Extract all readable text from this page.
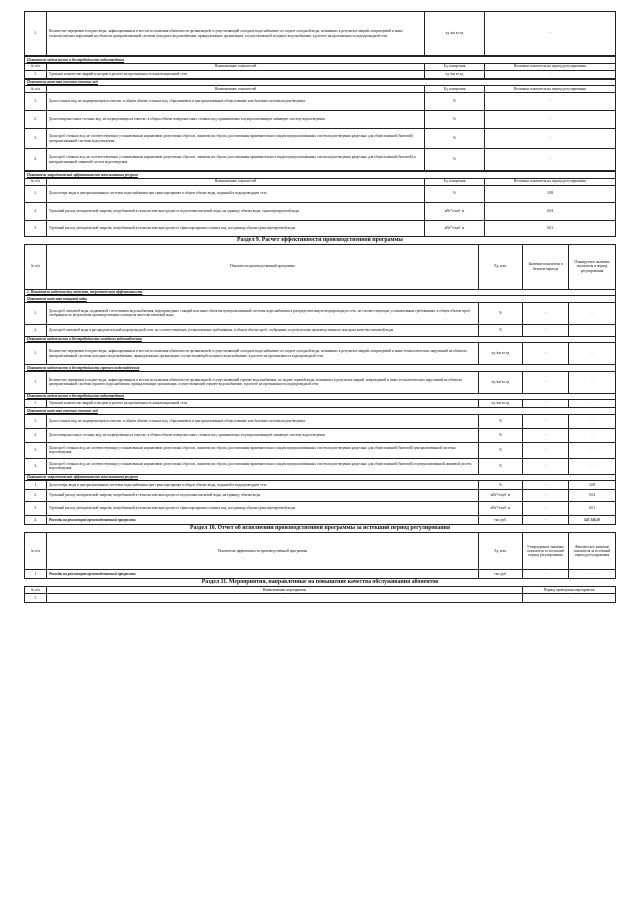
1.	Количество перерывов в подаче воды, зафиксированных в местах исполнения обязательств организацией, осуществляющей холодное водоснабжение, по подаче холодной воды, возникших в результате аварий, повреждений и иных технологических нарушений на объектах централизованной системы холодного водоснабжения, принадлежащих организации, осуществляющей холодное водоснабжение, в расчете на протяженность водопроводной сети	ед./км в год	-
Показатели надежности и бесперебойности водоотведения			
№ п/п	Наименование показателей	Ед. измерения	Величина показателя на период регулирования
1.	Удельное количество аварий и засоров в расчете на протяженность канализационной сети	ед./км в год	-
Показатели качества очистки сточных вод			
№ п/п	Наименование показателей	Ед. измерения	Величина показателя на период регулирования
1.	Доля сточных вод, не подвергающихся очистке, в общем объеме сточных вод, сбрасываемых в централизованные общесплавные или бытовые системы водоотведения	%	-
2.	Доля поверхностных сточных вод, не подвергающихся очистке, в общем объеме поверхностных сточных вод, принимаемых в централизованную ливневую систему водоотведения	%	-
3.	Доля проб сточных вод, не соответствующих установленным нормативам допустимых сбросов, лимитам на сбросы, рассчитанная применительно к видам централизованных систем водоотведения раздельно для общесплавной (бытовой) централизованной системы водоотведения	%	-
4.	Доля проб сточных вод, не соответствующих установленным нормативам допустимых сбросов, лимитам на сбросы, рассчитанная применительно к видам централизованных систем водоотведения раздельно для общесплавной (бытовой) и централизованной ливневой систем водоотведения	%	-
Показатели энергетической эффективности использования ресурсов			
№ п/п	Наименование показателей	Ед. измерения	Величина показателя на период регулирования
1.	Доля потерь воды в централизованных системах водоснабжения при транспортировке в общем объеме воды, поданной в водопроводную сеть	%	3,08
2.	Удельный расход электрической энергии, потребляемой в технологическом процессе подготовки питьевой воды, на единицу объема воды, транспортируемой воды	кВт*ч/куб. м	0,04
3.	Удельный расход электрической энергии, потребляемой в технологическом процессе транспортировки сточных вод, на единицу объема транспортируемой воды	кВт*ч/куб. м	0,01
Раздел 9. Расчет эффективности производственной программы
№ п/п	Показатели производственной программы	Ед. изм.	Значение показателя в базовом периоде	Планируемое значение показателя в период регулирования
1. Показатели надежности, качества, энергетической эффективности				
Показатели качества питьевой воды				
1.	Доля проб питьевой воды, подаваемой с источников водоснабжения, водопроводных станций или иных объектов централизованной системы водоснабжения в распределительную водопроводную сеть, не соответствующих установленным требованиям, в общем объеме проб, отобранных по результатам производственного контроля качества питьевой воды	%	-	-
2.	Доля проб питьевой воды в распределительной водопроводной сети, не соответствующих установленным требованиям, в общем объеме проб, отобранных по результатам производственного контроля качества питьевой воды	%	-	-
Показатели надежности и бесперебойности холодного водоснабжения				
1.	Количество перерывов в подаче воды, зафиксированных в местах исполнения обязательств организацией, осуществляющей холодное водоснабжение, по подаче холодной воды, возникших в результате аварий, повреждений и иных технологических нарушений на объектах централизованной системы холодного водоснабжения, принадлежащих организации, осуществляющей холодное водоснабжение, в расчете на протяженность водопроводной сети	ед./км в год	-	-
Показатели надежности и бесперебойности горячего водоснабжения				
1.	Количество перерывов в подаче воды, зафиксированных в местах исполнения обязательств организацией, осуществляющей горячее водоснабжение, по подаче горячей воды, возникших в результате аварий, повреждений и иных технологических нарушений на объектах централизованной системы горячего водоснабжения, принадлежащих организации, осуществляющей горячее водоснабжение, в расчете на протяженность водопроводной сети	ед./км в год	-	-
Показатели надежности и бесперебойности водоотведения				
1.	Удельное количество аварий и засоров в расчете на протяженность канализационной сети	ед./км в год	-	-
Показатели качества очистки сточных вод				
1.	Доля сточных вод, не подвергающихся очистке, в общем объеме сточных вод, сбрасываемых в централизованные общесплавные или бытовые системы водоотведения	%	-	-
2.	Доля поверхностных сточных вод, не подвергающихся очистке, в общем объеме поверхностных сточных вод, принимаемых в централизованную ливневую систему водоотведения	%	-	-
3.	Доля проб сточных вод, не соответствующих установленным нормативам допустимых сбросов, лимитам на сбросы, рассчитанная применительно к видам централизованных систем водоотведения раздельно для общесплавной (бытовой) централизованной системы водоотведения	%	-	-
4.	Доля проб сточных вод, не соответствующих установленным нормативам допустимых сбросов, лимитам на сбросы, рассчитанная применительно к видам централизованных систем водоотведения раздельно для общесплавной (бытовой) и централизованной ливневой систем водоотведения	%	-	-
Показатели энергетической эффективности использования ресурсов				
1	Доля потерь воды в централизованных системах водоснабжения при транспортировке в общем объеме воды, поданной в водопроводную сеть	%	-	3,08
2.	Удельный расход электрической энергии, потребляемой в технологическом процессе подготовки питьевой воды, на единицу объема воды	кВт*ч/куб. м	-	0,04
3.	Удельный расход электрической энергии, потребляемой в технологическом процессе транспортировки сточных вод, на единицу объема транспортируемой воды	кВт*ч/куб. м	-	0,01
4.	Расходы на реализацию производственной программы	тыс.руб.	-	542 146,50
Раздел 10. Отчет об исполнении производственной программы за истекший период регулирования
№ п/п	Показатели эффективности производственной программы	Ед. изм.	Утвержденное значение показателя за истекший период регулирования	Фактическое значение показателя за истекший период регулирования
1	Расходы на реализацию производственной программы	тыс.руб.	-	-
Раздел 11. Мероприятия, направленные на повышение качества обслуживания абонентов
№ п/п	Наименование мероприятия	Период проведения мероприятия
1.	-	-
